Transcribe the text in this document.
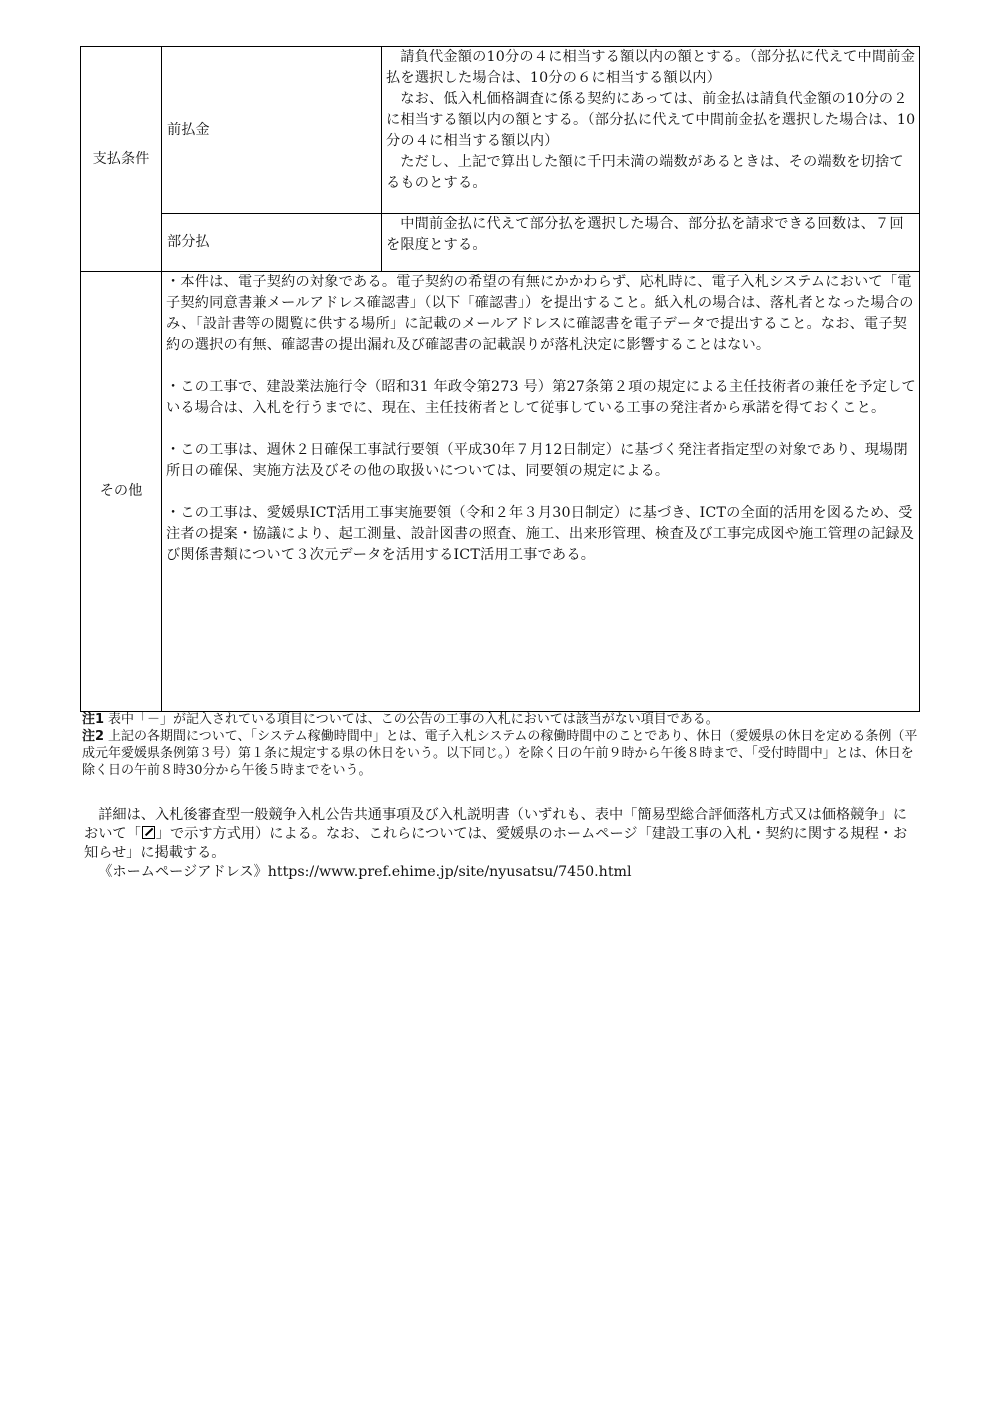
支払条件	前払金	請負代金額の10分の４に相当する額以内の額とする。（部分払に代えて中間前金払を選択した場合は、10分の６に相当する額以内）

なお、低入札価格調査に係る契約にあっては、前金払は請負代金額の10分の２に相当する額以内の額とする。（部分払に代えて中間前金払を選択した場合は、10分の４に相当する額以内）

ただし、上記で算出した額に千円未満の端数があるときは、その端数を切捨てるものとする。

	部分払	中間前金払に代えて部分払を選択した場合、部分払を請求できる回数は、７回を限度とする。

その他	・本件は、電子契約の対象である。電子契約の希望の有無にかかわらず、応札時に、電子入札システムにおいて「電子契約同意書兼メールアドレス確認書」（以下「確認書」）を提出すること。紙入札の場合は、落札者となった場合のみ、「設計書等の閲覧に供する場所」に記載のメールアドレスに確認書を電子データで提出すること。なお、電子契約の選択の有無、確認書の提出漏れ及び確認書の記載誤りが落札決定に影響することはない。

・この工事で、建設業法施行令（昭和31 年政令第273 号）第27条第２項の規定による主任技術者の兼任を予定している場合は、入札を行うまでに、現在、主任技術者として従事している工事の発注者から承諾を得ておくこと。

・この工事は、週休２日確保工事試行要領（平成30年７月12日制定）に基づく発注者指定型の対象であり、現場閉所日の確保、実施方法及びその他の取扱いについては、同要領の規定による。

・この工事は、愛媛県ICT活用工事実施要領（令和２年３月30日制定）に基づき、ICTの全面的活用を図るため、受注者の提案・協議により、起工測量、設計図書の照査、施工、出来形管理、検査及び工事完成図や施工管理の記録及び関係書類について３次元データを活用するICT活用工事である。	

注1 表中「－」が記入されている項目については、この公告の工事の入札においては該当がない項目である。

注2 上記の各期間について、「システム稼働時間中」とは、電子入札システムの稼働時間中のことであり、休日（愛媛県の休日を定める条例（平成元年愛媛県条例第３号）第１条に規定する県の休日をいう。以下同じ。）を除く日の午前９時から午後８時まで、「受付時間中」とは、休日を除く日の午前８時30分から午後５時までをいう。

詳細は、入札後審査型一般競争入札公告共通事項及び入札説明書（いずれも、表中「簡易型総合評価落札方式又は価格競争」において「 」で示す方式用）による。なお、これらについては、愛媛県のホームページ「建設工事の入札・契約に関する規程・お知らせ」に掲載する。

《ホームページアドレス》https://www.pref.ehime.jp/site/nyusatsu/7450.html
